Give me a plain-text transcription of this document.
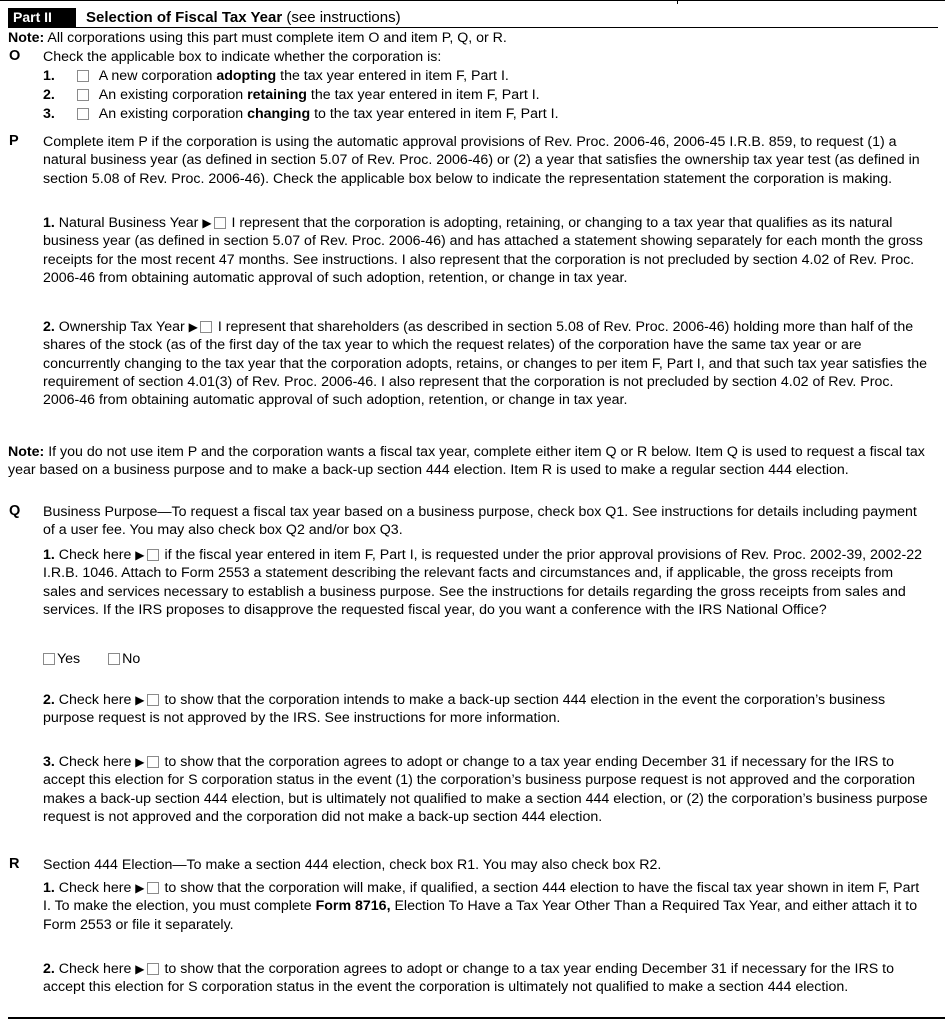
Part II	Selection of Fiscal Tax Year (see instructions)
Note: All corporations using this part must complete item O and item P, Q, or R.
O Check the applicable box to indicate whether the corporation is:
1.	A new corporation adopting the tax year entered in item F, Part I.
2.	An existing corporation retaining the tax year entered in item F, Part I.
3.	An existing corporation changing to the tax year entered in item F, Part I.
P Complete item P if the corporation is using the automatic approval provisions of Rev. Proc. 2006-46, 2006-45 I.R.B. 859, to request (1) a natural business year (as defined in section 5.07 of Rev. Proc. 2006-46) or (2) a year that satisfies the ownership tax year test (as defined in section 5.08 of Rev. Proc. 2006-46). Check the applicable box below to indicate the representation statement the corporation is making.
1. Natural Business Year ▶ I represent that the corporation is adopting, retaining, or changing to a tax year that qualifies as its natural business year (as defined in section 5.07 of Rev. Proc. 2006-46) and has attached a statement showing separately for each month the gross receipts for the most recent 47 months. See instructions. I also represent that the corporation is not precluded by section 4.02 of Rev. Proc. 2006-46 from obtaining automatic approval of such adoption, retention, or change in tax year.
2. Ownership Tax Year ▶ I represent that shareholders (as described in section 5.08 of Rev. Proc. 2006-46) holding more than half of the shares of the stock (as of the first day of the tax year to which the request relates) of the corporation have the same tax year or are concurrently changing to the tax year that the corporation adopts, retains, or changes to per item F, Part I, and that such tax year satisfies the requirement of section 4.01(3) of Rev. Proc. 2006-46. I also represent that the corporation is not precluded by section 4.02 of Rev. Proc. 2006-46 from obtaining automatic approval of such adoption, retention, or change in tax year.
Note: If you do not use item P and the corporation wants a fiscal tax year, complete either item Q or R below. Item Q is used to request a fiscal tax year based on a business purpose and to make a back-up section 444 election. Item R is used to make a regular section 444 election.
Q Business Purpose—To request a fiscal tax year based on a business purpose, check box Q1. See instructions for details including payment of a user fee. You may also check box Q2 and/or box Q3.
1. Check here ▶ if the fiscal year entered in item F, Part I, is requested under the prior approval provisions of Rev. Proc. 2002-39, 2002-22 I.R.B. 1046. Attach to Form 2553 a statement describing the relevant facts and circumstances and, if applicable, the gross receipts from sales and services necessary to establish a business purpose. See the instructions for details regarding the gross receipts from sales and services. If the IRS proposes to disapprove the requested fiscal year, do you want a conference with the IRS National Office?
Yes	No
2. Check here ▶ to show that the corporation intends to make a back-up section 444 election in the event the corporation’s business purpose request is not approved by the IRS. See instructions for more information.
3. Check here ▶ to show that the corporation agrees to adopt or change to a tax year ending December 31 if necessary for the IRS to accept this election for S corporation status in the event (1) the corporation’s business purpose request is not approved and the corporation makes a back-up section 444 election, but is ultimately not qualified to make a section 444 election, or (2) the corporation’s business purpose request is not approved and the corporation did not make a back-up section 444 election.
R Section 444 Election—To make a section 444 election, check box R1. You may also check box R2.
1. Check here ▶ to show that the corporation will make, if qualified, a section 444 election to have the fiscal tax year shown in item F, Part I. To make the election, you must complete Form 8716, Election To Have a Tax Year Other Than a Required Tax Year, and either attach it to Form 2553 or file it separately.
2. Check here ▶ to show that the corporation agrees to adopt or change to a tax year ending December 31 if necessary for the IRS to accept this election for S corporation status in the event the corporation is ultimately not qualified to make a section 444 election.
